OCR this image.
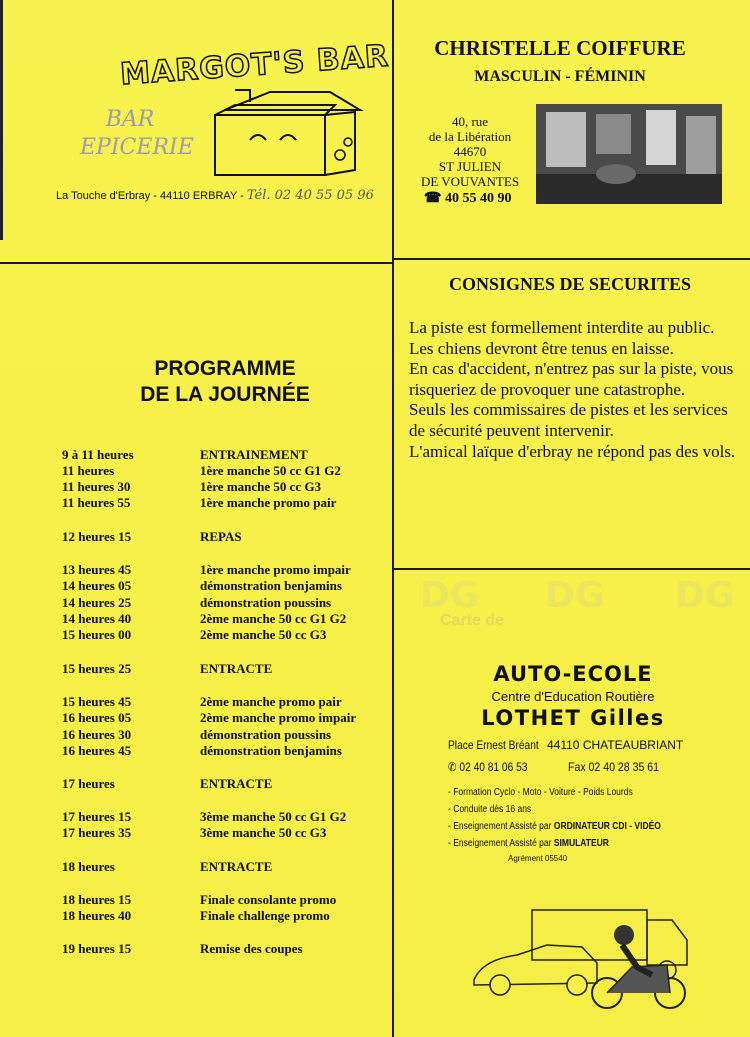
MARGOT'S BAR
BAR
EPICERIE
La Touche d'Erbray - 44110 ERBRAY - Tél. 02 40 55 05 96
CHRISTELLE COIFFURE
MASCULIN - FÉMININ
40, rue
de la Libération
44670
ST JULIEN
DE VOUVANTES
☎ 40 55 40 90
PROGRAMME
DE LA JOURNÉE
9 à 11 heures	ENTRAINEMENT
11 heures	1ère manche 50 cc G1 G2
11 heures 30	1ère manche 50 cc G3
11 heures 55	1ère manche promo pair
12 heures 15	REPAS
13 heures 45	1ère manche promo impair
14 heures 05	démonstration benjamins
14 heures 25	démonstration poussins
14 heures 40	2ème manche 50 cc G1 G2
15 heures 00	2ème manche 50 cc G3
15 heures 25	ENTRACTE
15 heures 45	2ème manche promo pair
16 heures 05	2ème manche promo impair
16 heures 30	démonstration poussins
16 heures 45	démonstration benjamins
17 heures	ENTRACTE
17 heures 15	3ème manche 50 cc G1 G2
17 heures 35	3ème manche 50 cc G3
18 heures	ENTRACTE
18 heures 15	Finale consolante promo
18 heures 40	Finale challenge promo
19 heures 15	Remise des coupes
CONSIGNES DE SECURITES

La piste est formellement interdite au public.

Les chiens devront être tenus en laisse.

En cas d'accident, n'entrez pas sur la piste, vous risqueriez de provoquer une catastrophe.

Seuls les commissaires de pistes et les services de sécurité peuvent intervenir.

L'amical laïque d'erbray ne répond pas des vols.

DG DG DG
Carte de
AUTO-ECOLE
Centre d'Education Routière
LOTHET Gilles
Place Ernest Bréant 44110 CHATEAUBRIANT
✆ 02 40 81 06 53	Fax 02 40 28 35 61
- Formation Cyclo - Moto - Voiture - Poids Lourds
- Conduite dès 16 ans
- Enseignement Assisté par ORDINATEUR CDI - VIDÉO
- Enseignement Assisté par SIMULATEUR
Agrément 05540
